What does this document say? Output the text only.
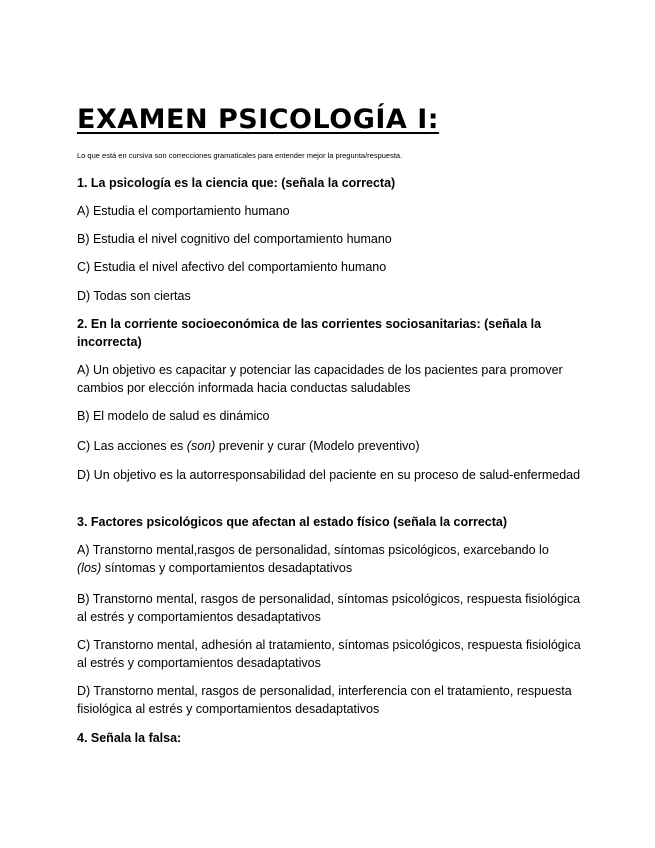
EXAMEN PSICOLOGÍA I:
Lo que está en cursiva son correcciones gramaticales para entender mejor la pregunta/respuesta.
1. La psicología es la ciencia que: (señala la correcta)
A) Estudia el comportamiento humano
B) Estudia el nivel cognitivo del comportamiento humano
C) Estudia el nivel afectivo del comportamiento humano
D) Todas son ciertas
2. En la corriente socioeconómica de las corrientes sociosanitarias: (señala la incorrecta)
A) Un objetivo es capacitar y potenciar las capacidades de los pacientes para promover cambios por elección informada hacia conductas saludables
B) El modelo de salud es dinámico
C) Las acciones es (son) prevenir y curar (Modelo preventivo)
D) Un objetivo es la autorresponsabilidad del paciente en su proceso de salud-enfermedad
3. Factores psicológicos que afectan al estado físico (señala la correcta)
A) Transtorno mental,rasgos de personalidad, síntomas psicológicos, exarcebando lo
(los) síntomas y comportamientos desadaptativos
B) Transtorno mental, rasgos de personalidad, síntomas psicológicos, respuesta fisiológica al estrés y comportamientos desadaptativos
C) Transtorno mental, adhesión al tratamiento, síntomas psicológicos, respuesta fisiológica al estrés y comportamientos desadaptativos
D) Transtorno mental, rasgos de personalidad, interferencia con el tratamiento, respuesta fisiológica al estrés y comportamientos desadaptativos
4. Señala la falsa:
